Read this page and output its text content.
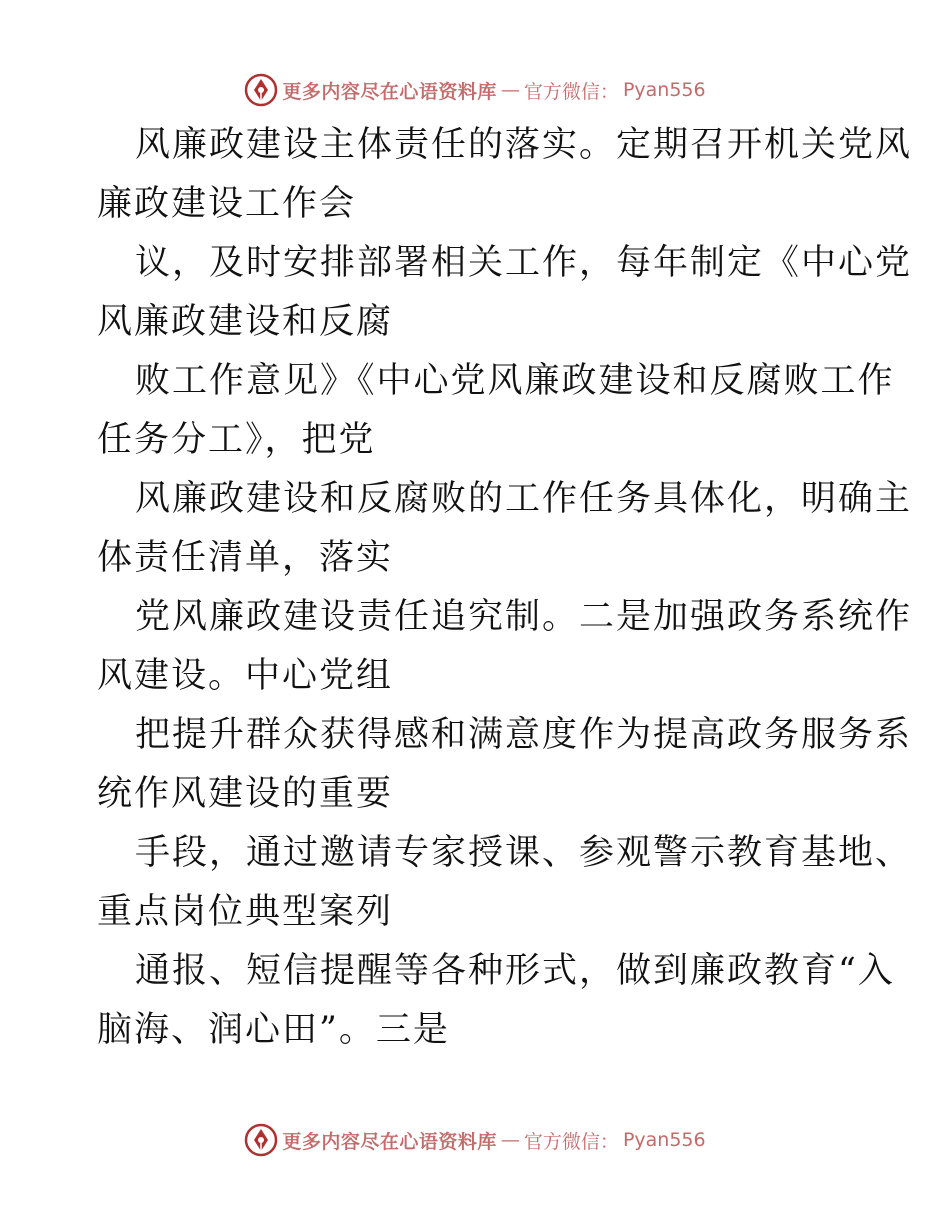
更多内容尽在心语资料库 — 官方微信： Pyan556
风廉政建设主体责任的落实。定期召开机关党风
廉政建设工作会
议，及时安排部署相关工作，每年制定《中心党
风廉政建设和反腐
败工作意见》《中心党风廉政建设和反腐败工作
任务分工》，把党
风廉政建设和反腐败的工作任务具体化，明确主
体责任清单，落实
党风廉政建设责任追究制。二是加强政务系统作
风建设。中心党组
把提升群众获得感和满意度作为提高政务服务系
统作风建设的重要
手段，通过邀请专家授课、参观警示教育基地、
重点岗位典型案列
通报、短信提醒等各种形式，做到廉政教育“入
脑海、润心田”。三是
更多内容尽在心语资料库 — 官方微信： Pyan556
